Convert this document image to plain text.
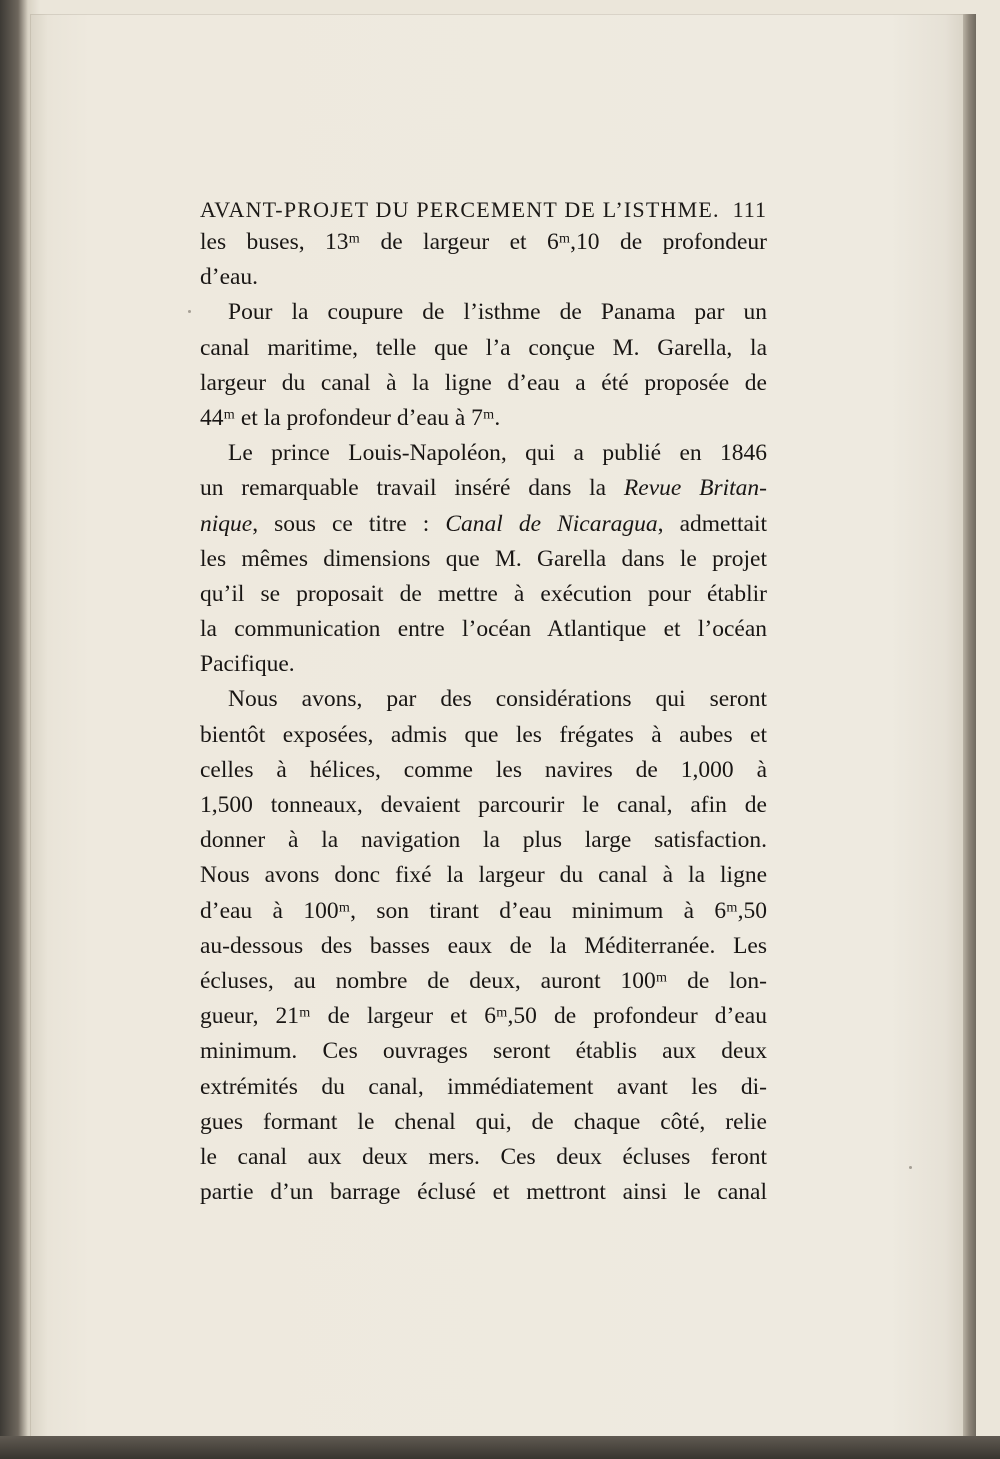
AVANT-PROJET DU PERCEMENT DE L’ISTHME. 111
les buses, 13ᵐ de largeur et 6ᵐ,10 de profondeur
d’eau.
Pour la coupure de l’isthme de Panama par un
canal maritime, telle que l’a conçue M. Garella, la
largeur du canal à la ligne d’eau a été proposée de
44ᵐ et la profondeur d’eau à 7ᵐ.
Le prince Louis-Napoléon, qui a publié en 1846
un remarquable travail inséré dans la Revue Britan-
nique, sous ce titre : Canal de Nicaragua, admettait
les mêmes dimensions que M. Garella dans le projet
qu’il se proposait de mettre à exécution pour établir
la communication entre l’océan Atlantique et l’océan
Pacifique.
Nous avons, par des considérations qui seront
bientôt exposées, admis que les frégates à aubes et
celles à hélices, comme les navires de 1,000 à
1,500 tonneaux, devaient parcourir le canal, afin de
donner à la navigation la plus large satisfaction.
Nous avons donc fixé la largeur du canal à la ligne
d’eau à 100ᵐ, son tirant d’eau minimum à 6ᵐ,50
au-dessous des basses eaux de la Méditerranée. Les
écluses, au nombre de deux, auront 100ᵐ de lon-
gueur, 21ᵐ de largeur et 6ᵐ,50 de profondeur d’eau
minimum. Ces ouvrages seront établis aux deux
extrémités du canal, immédiatement avant les di-
gues formant le chenal qui, de chaque côté, relie
le canal aux deux mers. Ces deux écluses feront
partie d’un barrage éclusé et mettront ainsi le canal
